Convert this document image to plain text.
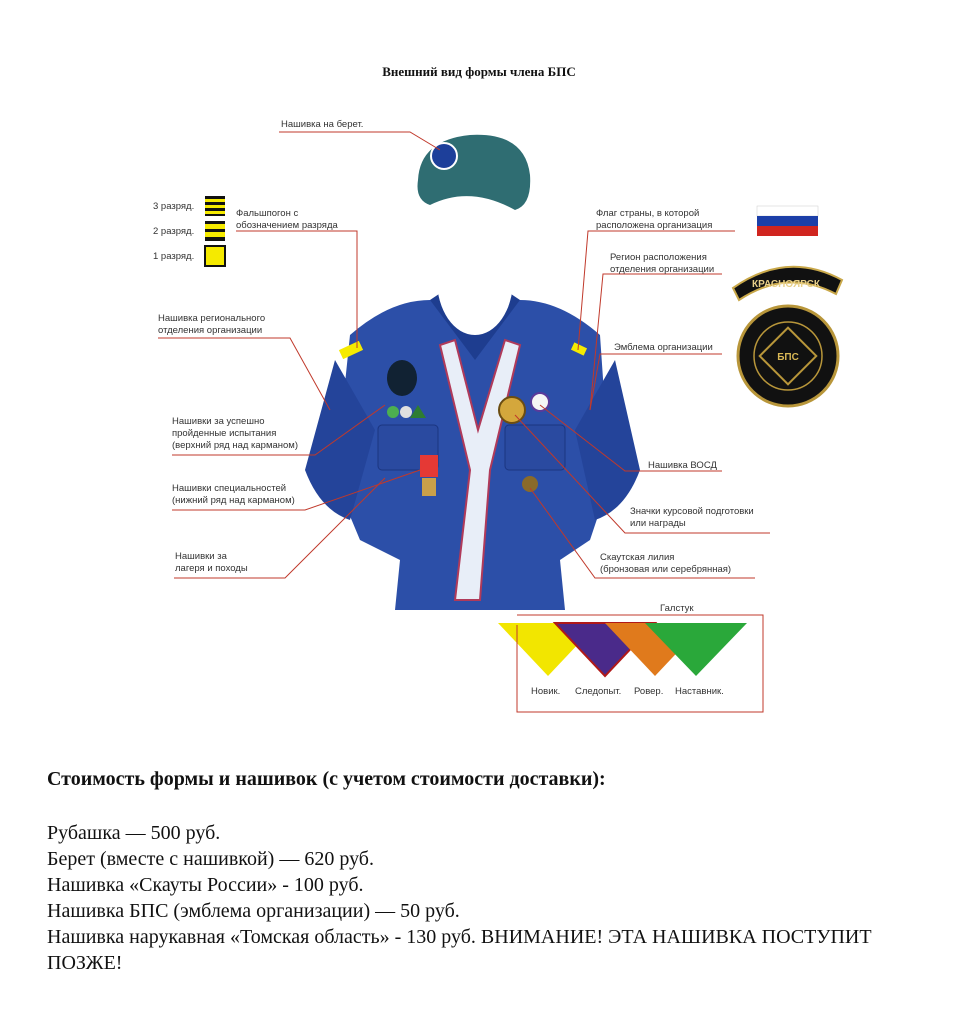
Внешний вид формы члена БПС
КРАСНОЯРСК
БПС
Нашивка на берет.
Фальшпогон с
обозначением разряда
3 разряд.
2 разряд.
1 разряд.
Нашивка регионального
отделения организации
Нашивки за успешно
пройденные испытания
(верхний ряд над карманом)
Нашивки специальностей
(нижний ряд над карманом)
Нашивки за
лагеря и походы
Флаг страны, в которой
расположена организация
Регион расположения
отделения организации
Эмблема организации
Нашивка ВОСД
Значки курсовой подготовки
или награды
Скаутская лилия
(бронзовая или серебрянная)
Галстук
Новик. Следопыт. Ровер. Наставник.
Стоимость формы и нашивок (с учетом стоимости доставки):
Рубашка — 500 руб.
Берет (вместе с нашивкой) — 620 руб.
Нашивка «Скауты России» - 100 руб.
Нашивка БПС (эмблема организации) — 50 руб.
Нашивка нарукавная «Томская область» - 130 руб. ВНИМАНИЕ! ЭТА НАШИВКА ПОСТУПИТ ПОЗЖЕ!
